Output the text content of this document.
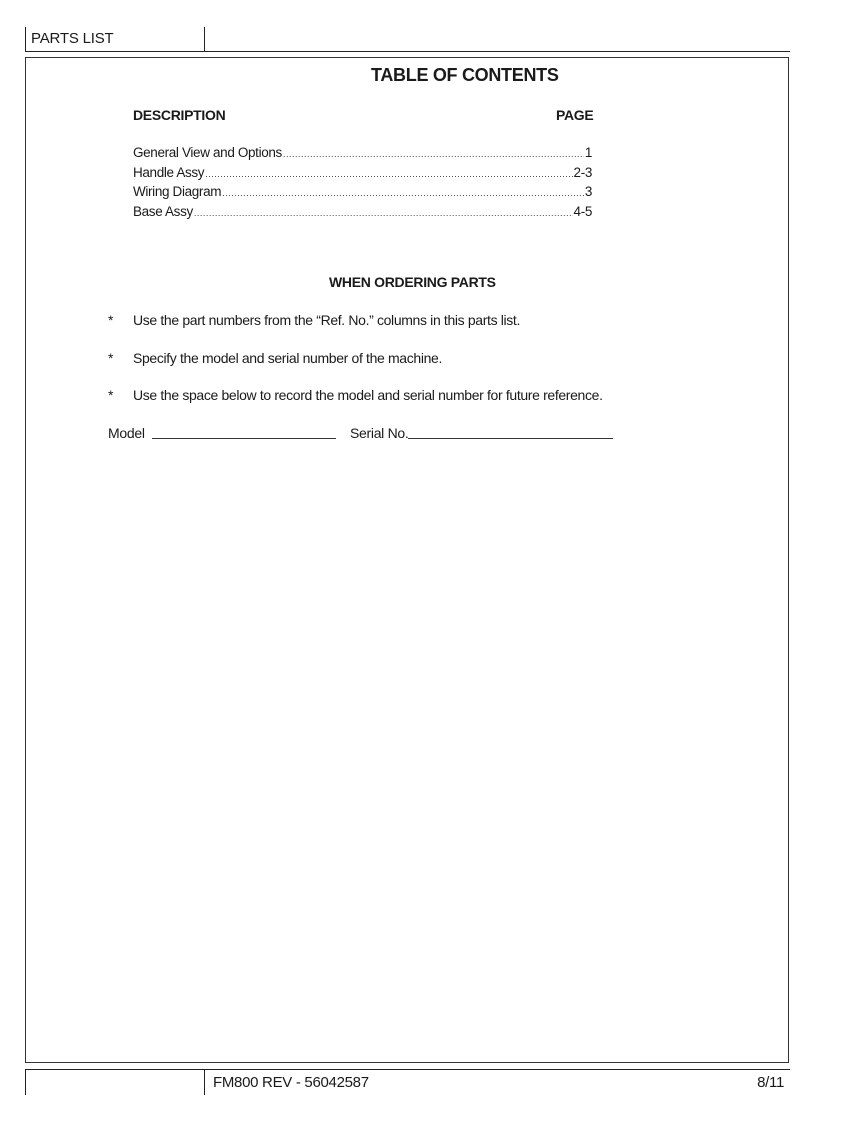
PARTS LIST
TABLE OF CONTENTS
DESCRIPTION	PAGE
General View and Options .....	1
Handle Assy .....	2-3
Wiring Diagram .....	3
Base Assy .....	4-5
WHEN ORDERING PARTS
* Use the part numbers from the “Ref. No.” columns in this parts list.
* Specify the model and serial number of the machine.
* Use the space below to record the model and serial number for future reference.
Model	Serial No.
FM800 REV - 56042587	8/11
